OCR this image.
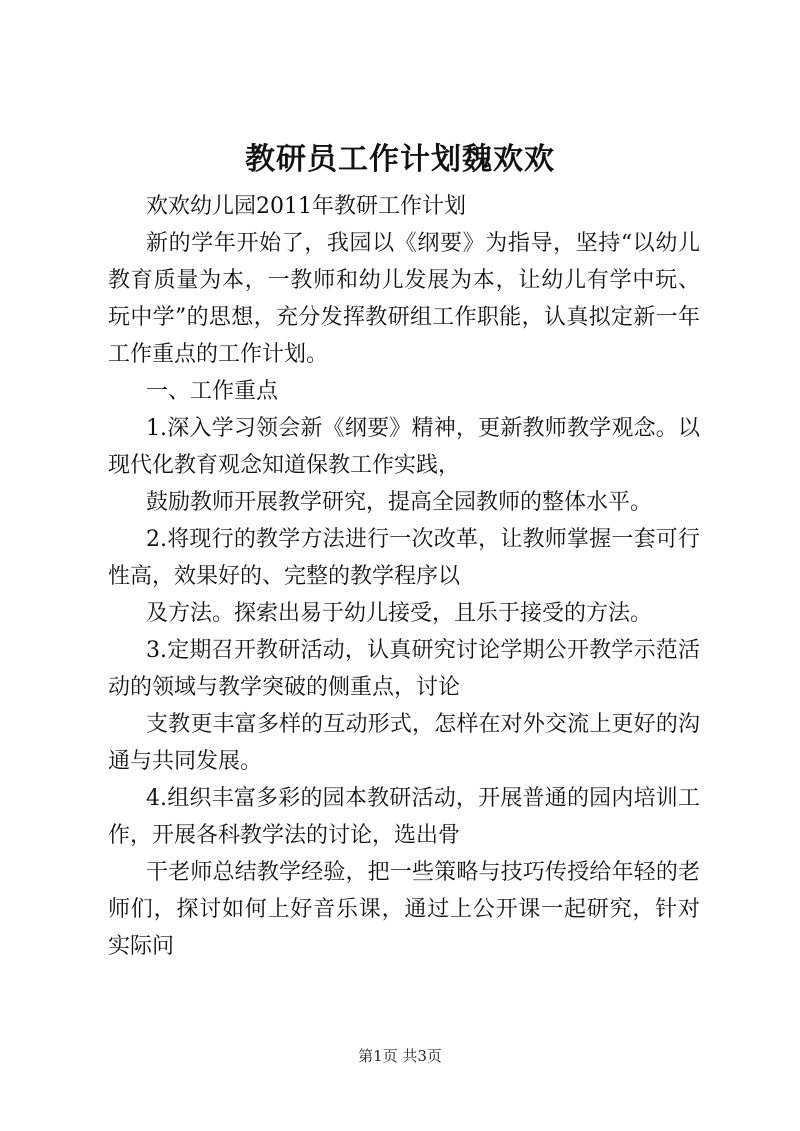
教研员工作计划魏欢欢

欢欢幼儿园2011年教研工作计划

新的学年开始了，我园以《纲要》为指导，坚持“以幼儿教育质量为本，一教师和幼儿发展为本，让幼儿有学中玩、玩中学”的思想，充分发挥教研组工作职能，认真拟定新一年工作重点的工作计划。

一、工作重点

1.深入学习领会新《纲要》精神，更新教师教学观念。以现代化教育观念知道保教工作实践，

鼓励教师开展教学研究，提高全园教师的整体水平。

2.将现行的教学方法进行一次改革，让教师掌握一套可行性高，效果好的、完整的教学程序以

及方法。探索出易于幼儿接受，且乐于接受的方法。

3.定期召开教研活动，认真研究讨论学期公开教学示范活动的领域与教学突破的侧重点，讨论

支教更丰富多样的互动形式，怎样在对外交流上更好的沟通与共同发展。

4.组织丰富多彩的园本教研活动，开展普通的园内培训工作，开展各科教学法的讨论，选出骨

干老师总结教学经验，把一些策略与技巧传授给年轻的老师们，探讨如何上好音乐课，通过上公开课一起研究，针对实际问

第1页 共3页
